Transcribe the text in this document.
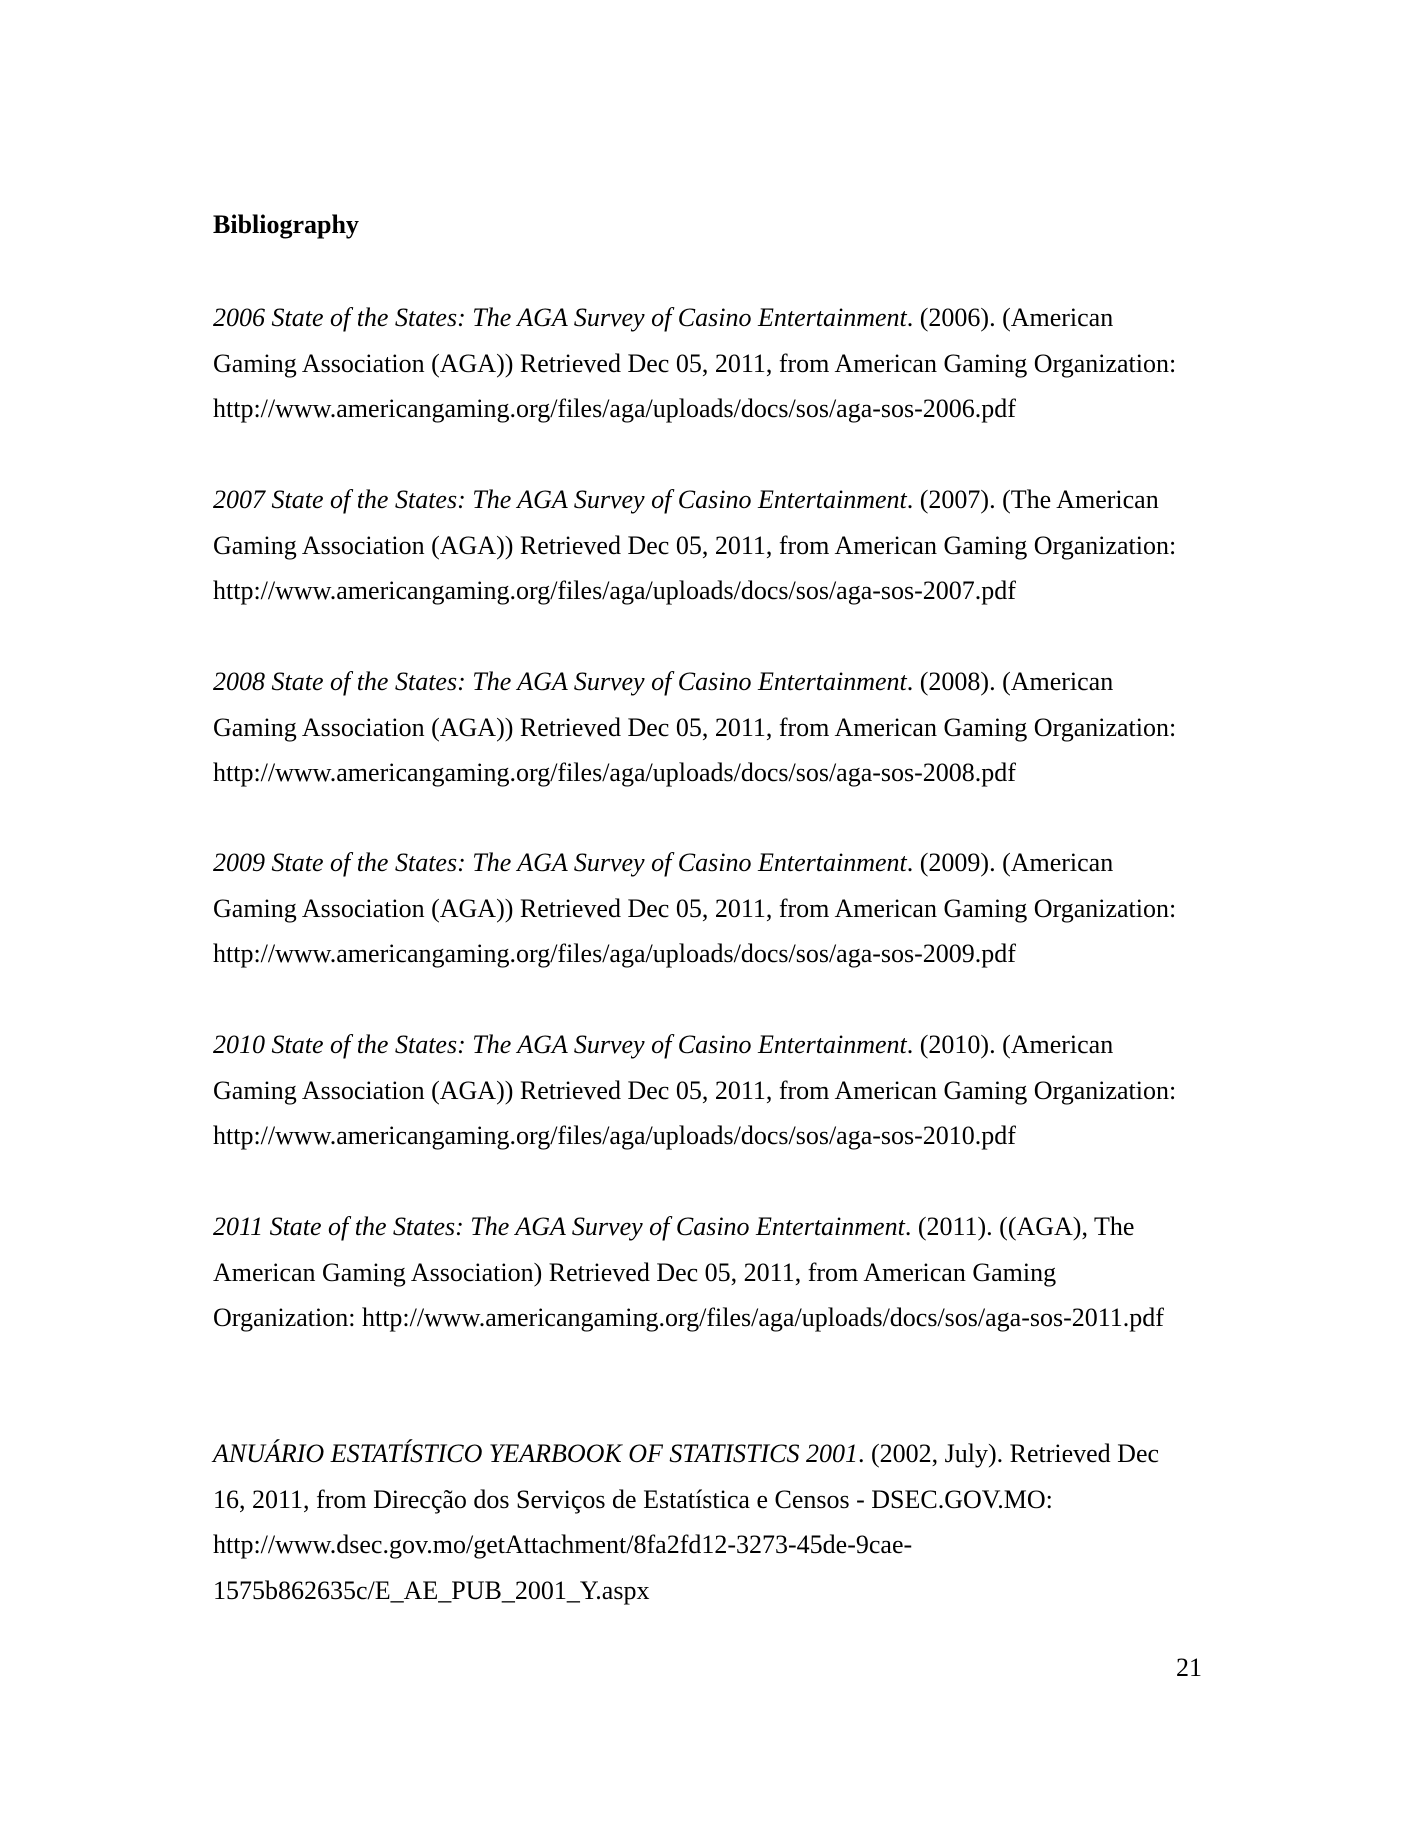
Bibliography

2006 State of the States: The AGA Survey of Casino Entertainment. (2006). (American
Gaming Association (AGA)) Retrieved Dec 05, 2011, from American Gaming Organization:
http://www.americangaming.org/files/aga/uploads/docs/sos/aga-sos-2006.pdf

2007 State of the States: The AGA Survey of Casino Entertainment. (2007). (The American
Gaming Association (AGA)) Retrieved Dec 05, 2011, from American Gaming Organization:
http://www.americangaming.org/files/aga/uploads/docs/sos/aga-sos-2007.pdf

2008 State of the States: The AGA Survey of Casino Entertainment. (2008). (American
Gaming Association (AGA)) Retrieved Dec 05, 2011, from American Gaming Organization:
http://www.americangaming.org/files/aga/uploads/docs/sos/aga-sos-2008.pdf

2009 State of the States: The AGA Survey of Casino Entertainment. (2009). (American
Gaming Association (AGA)) Retrieved Dec 05, 2011, from American Gaming Organization:
http://www.americangaming.org/files/aga/uploads/docs/sos/aga-sos-2009.pdf

2010 State of the States: The AGA Survey of Casino Entertainment. (2010). (American
Gaming Association (AGA)) Retrieved Dec 05, 2011, from American Gaming Organization:
http://www.americangaming.org/files/aga/uploads/docs/sos/aga-sos-2010.pdf

2011 State of the States: The AGA Survey of Casino Entertainment. (2011). ((AGA), The
American Gaming Association) Retrieved Dec 05, 2011, from American Gaming
Organization: http://www.americangaming.org/files/aga/uploads/docs/sos/aga-sos-2011.pdf

ANUÁRIO ESTATÍSTICO YEARBOOK OF STATISTICS 2001. (2002, July). Retrieved Dec
16, 2011, from Direcção dos Serviços de Estatística e Censos - DSEC.GOV.MO:
http://www.dsec.gov.mo/getAttachment/8fa2fd12-3273-45de-9cae-
1575b862635c/E_AE_PUB_2001_Y.aspx

21
